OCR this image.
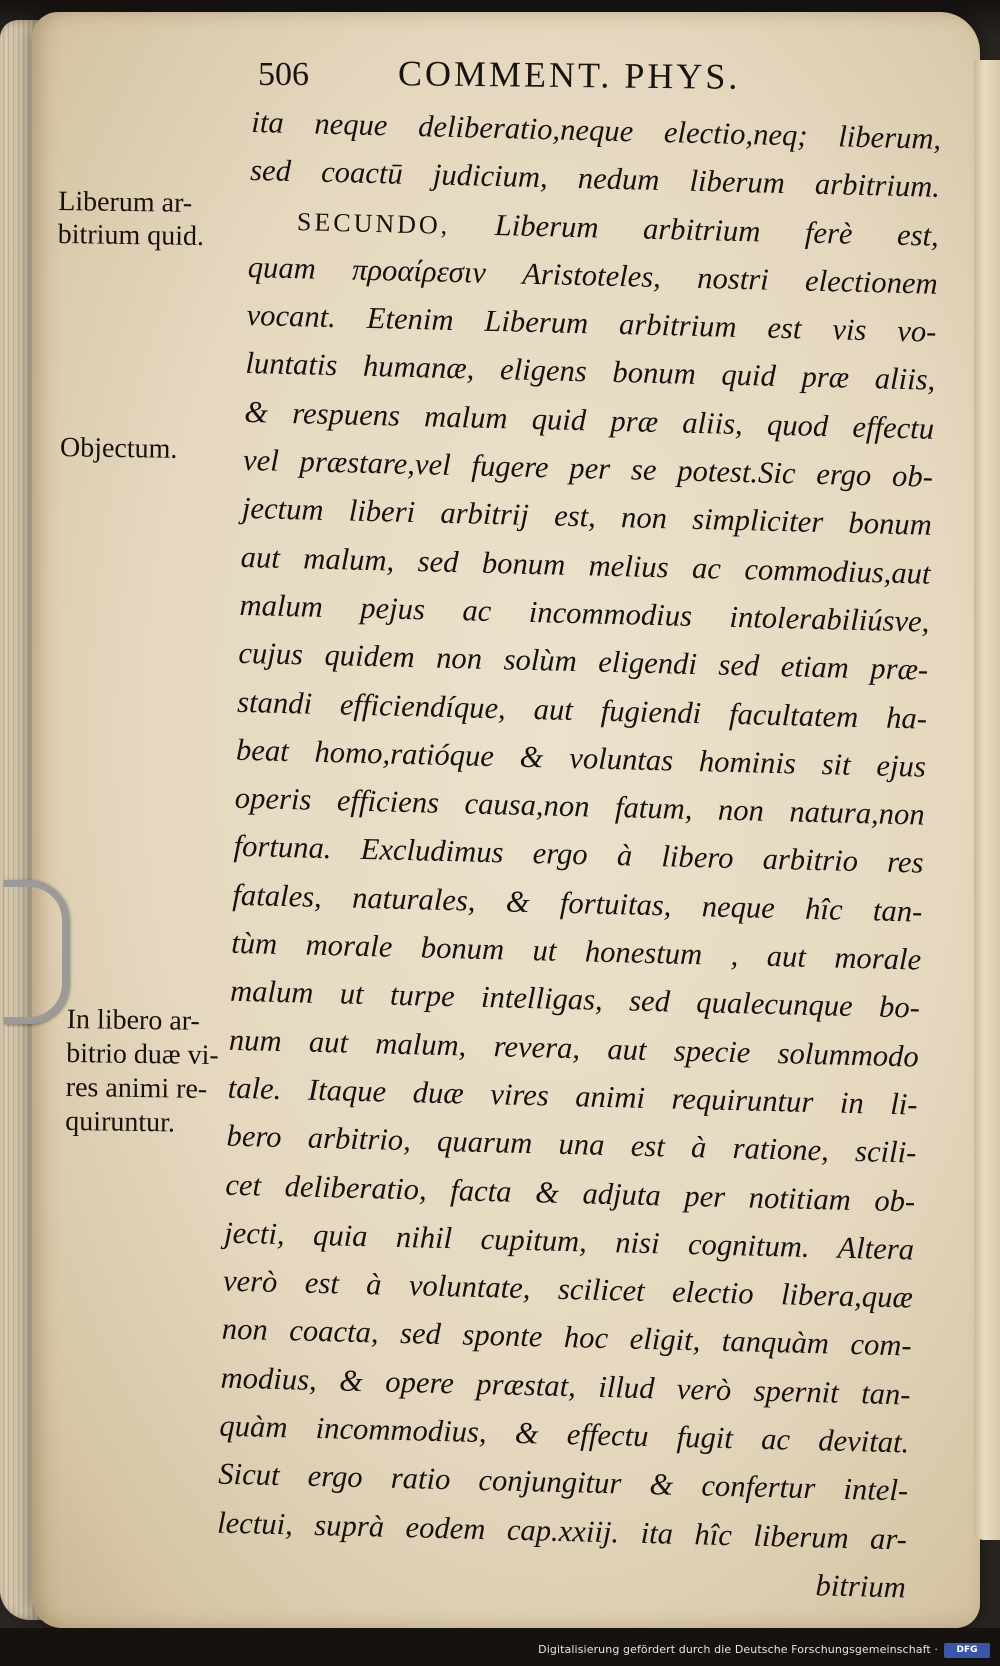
506 COMMENT. PHYS.
Liberum ar-
bitrium quid.
Objectum.
In libero ar-
bitrio duæ vi-
res animi re-
quiruntur.
ita neque deliberatio,neque electio,neq; liberum,
sed coactū judicium, nedum liberum arbitrium.
SECUNDO, Liberum arbitrium ferè est,
quam προαίρεσιν Aristoteles, nostri electionem
vocant. Etenim Liberum arbitrium est vis vo-
luntatis humanæ, eligens bonum quid præ aliis,
& respuens malum quid præ aliis, quod effectu
vel præstare,vel fugere per se potest.Sic ergo ob-
jectum liberi arbitrij est, non simpliciter bonum
aut malum, sed bonum melius ac commodius,aut
malum pejus ac incommodius intolerabiliúsve,
cujus quidem non solùm eligendi sed etiam præ-
standi efficiendíque, aut fugiendi facultatem ha-
beat homo,ratióque & voluntas hominis sit ejus
operis efficiens causa,non fatum, non natura,non
fortuna. Excludimus ergo à libero arbitrio res
fatales, naturales, & fortuitas, neque hîc tan-
tùm morale bonum ut honestum , aut morale
malum ut turpe intelligas, sed qualecunque bo-
num aut malum, revera, aut specie solummodo
tale. Itaque duæ vires animi requiruntur in li-
bero arbitrio, quarum una est à ratione, scili-
cet deliberatio, facta & adjuta per notitiam ob-
jecti, quia nihil cupitum, nisi cognitum. Altera
verò est à voluntate, scilicet electio libera,quæ
non coacta, sed sponte hoc eligit, tanquàm com-
modius, & opere præstat, illud verò spernit tan-
quàm incommodius, & effectu fugit ac devitat.
Sicut ergo ratio conjungitur & confertur intel-
lectui, suprà eodem cap.xxiij. ita hîc liberum ar-
bitrium
Digitalisierung gefördert durch die Deutsche Forschungsgemeinschaft ·	DFG
